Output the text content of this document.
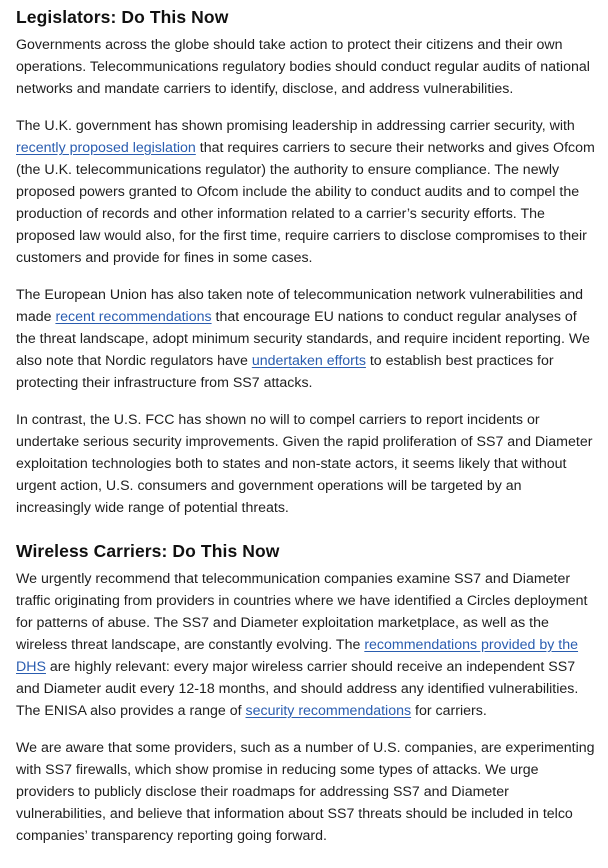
Legislators: Do This Now

Governments across the globe should take action to protect their citizens and their own operations. Telecommunications regulatory bodies should conduct regular audits of national networks and mandate carriers to identify, disclose, and address vulnerabilities.

The U.K. government has shown promising leadership in addressing carrier security, with recently proposed legislation that requires carriers to secure their networks and gives Ofcom (the U.K. telecommunications regulator) the authority to ensure compliance. The newly proposed powers granted to Ofcom include the ability to conduct audits and to compel the production of records and other information related to a carrier’s security efforts. The proposed law would also, for the first time, require carriers to disclose compromises to their customers and provide for fines in some cases.

The European Union has also taken note of telecommunication network vulnerabilities and made recent recommendations that encourage EU nations to conduct regular analyses of the threat landscape, adopt minimum security standards, and require incident reporting. We also note that Nordic regulators have undertaken efforts to establish best practices for protecting their infrastructure from SS7 attacks.

In contrast, the U.S. FCC has shown no will to compel carriers to report incidents or undertake serious security improvements. Given the rapid proliferation of SS7 and Diameter exploitation technologies both to states and non-state actors, it seems likely that without urgent action, U.S. consumers and government operations will be targeted by an increasingly wide range of potential threats.

Wireless Carriers: Do This Now

We urgently recommend that telecommunication companies examine SS7 and Diameter traffic originating from providers in countries where we have identified a Circles deployment for patterns of abuse. The SS7 and Diameter exploitation marketplace, as well as the wireless threat landscape, are constantly evolving. The recommendations provided by the DHS are highly relevant: every major wireless carrier should receive an independent SS7 and Diameter audit every 12-18 months, and should address any identified vulnerabilities. The ENISA also provides a range of security recommendations for carriers.

We are aware that some providers, such as a number of U.S. companies, are experimenting with SS7 firewalls, which show promise in reducing some types of attacks. We urge providers to publicly disclose their roadmaps for addressing SS7 and Diameter vulnerabilities, and believe that information about SS7 threats should be included in telco companies’ transparency reporting going forward.
